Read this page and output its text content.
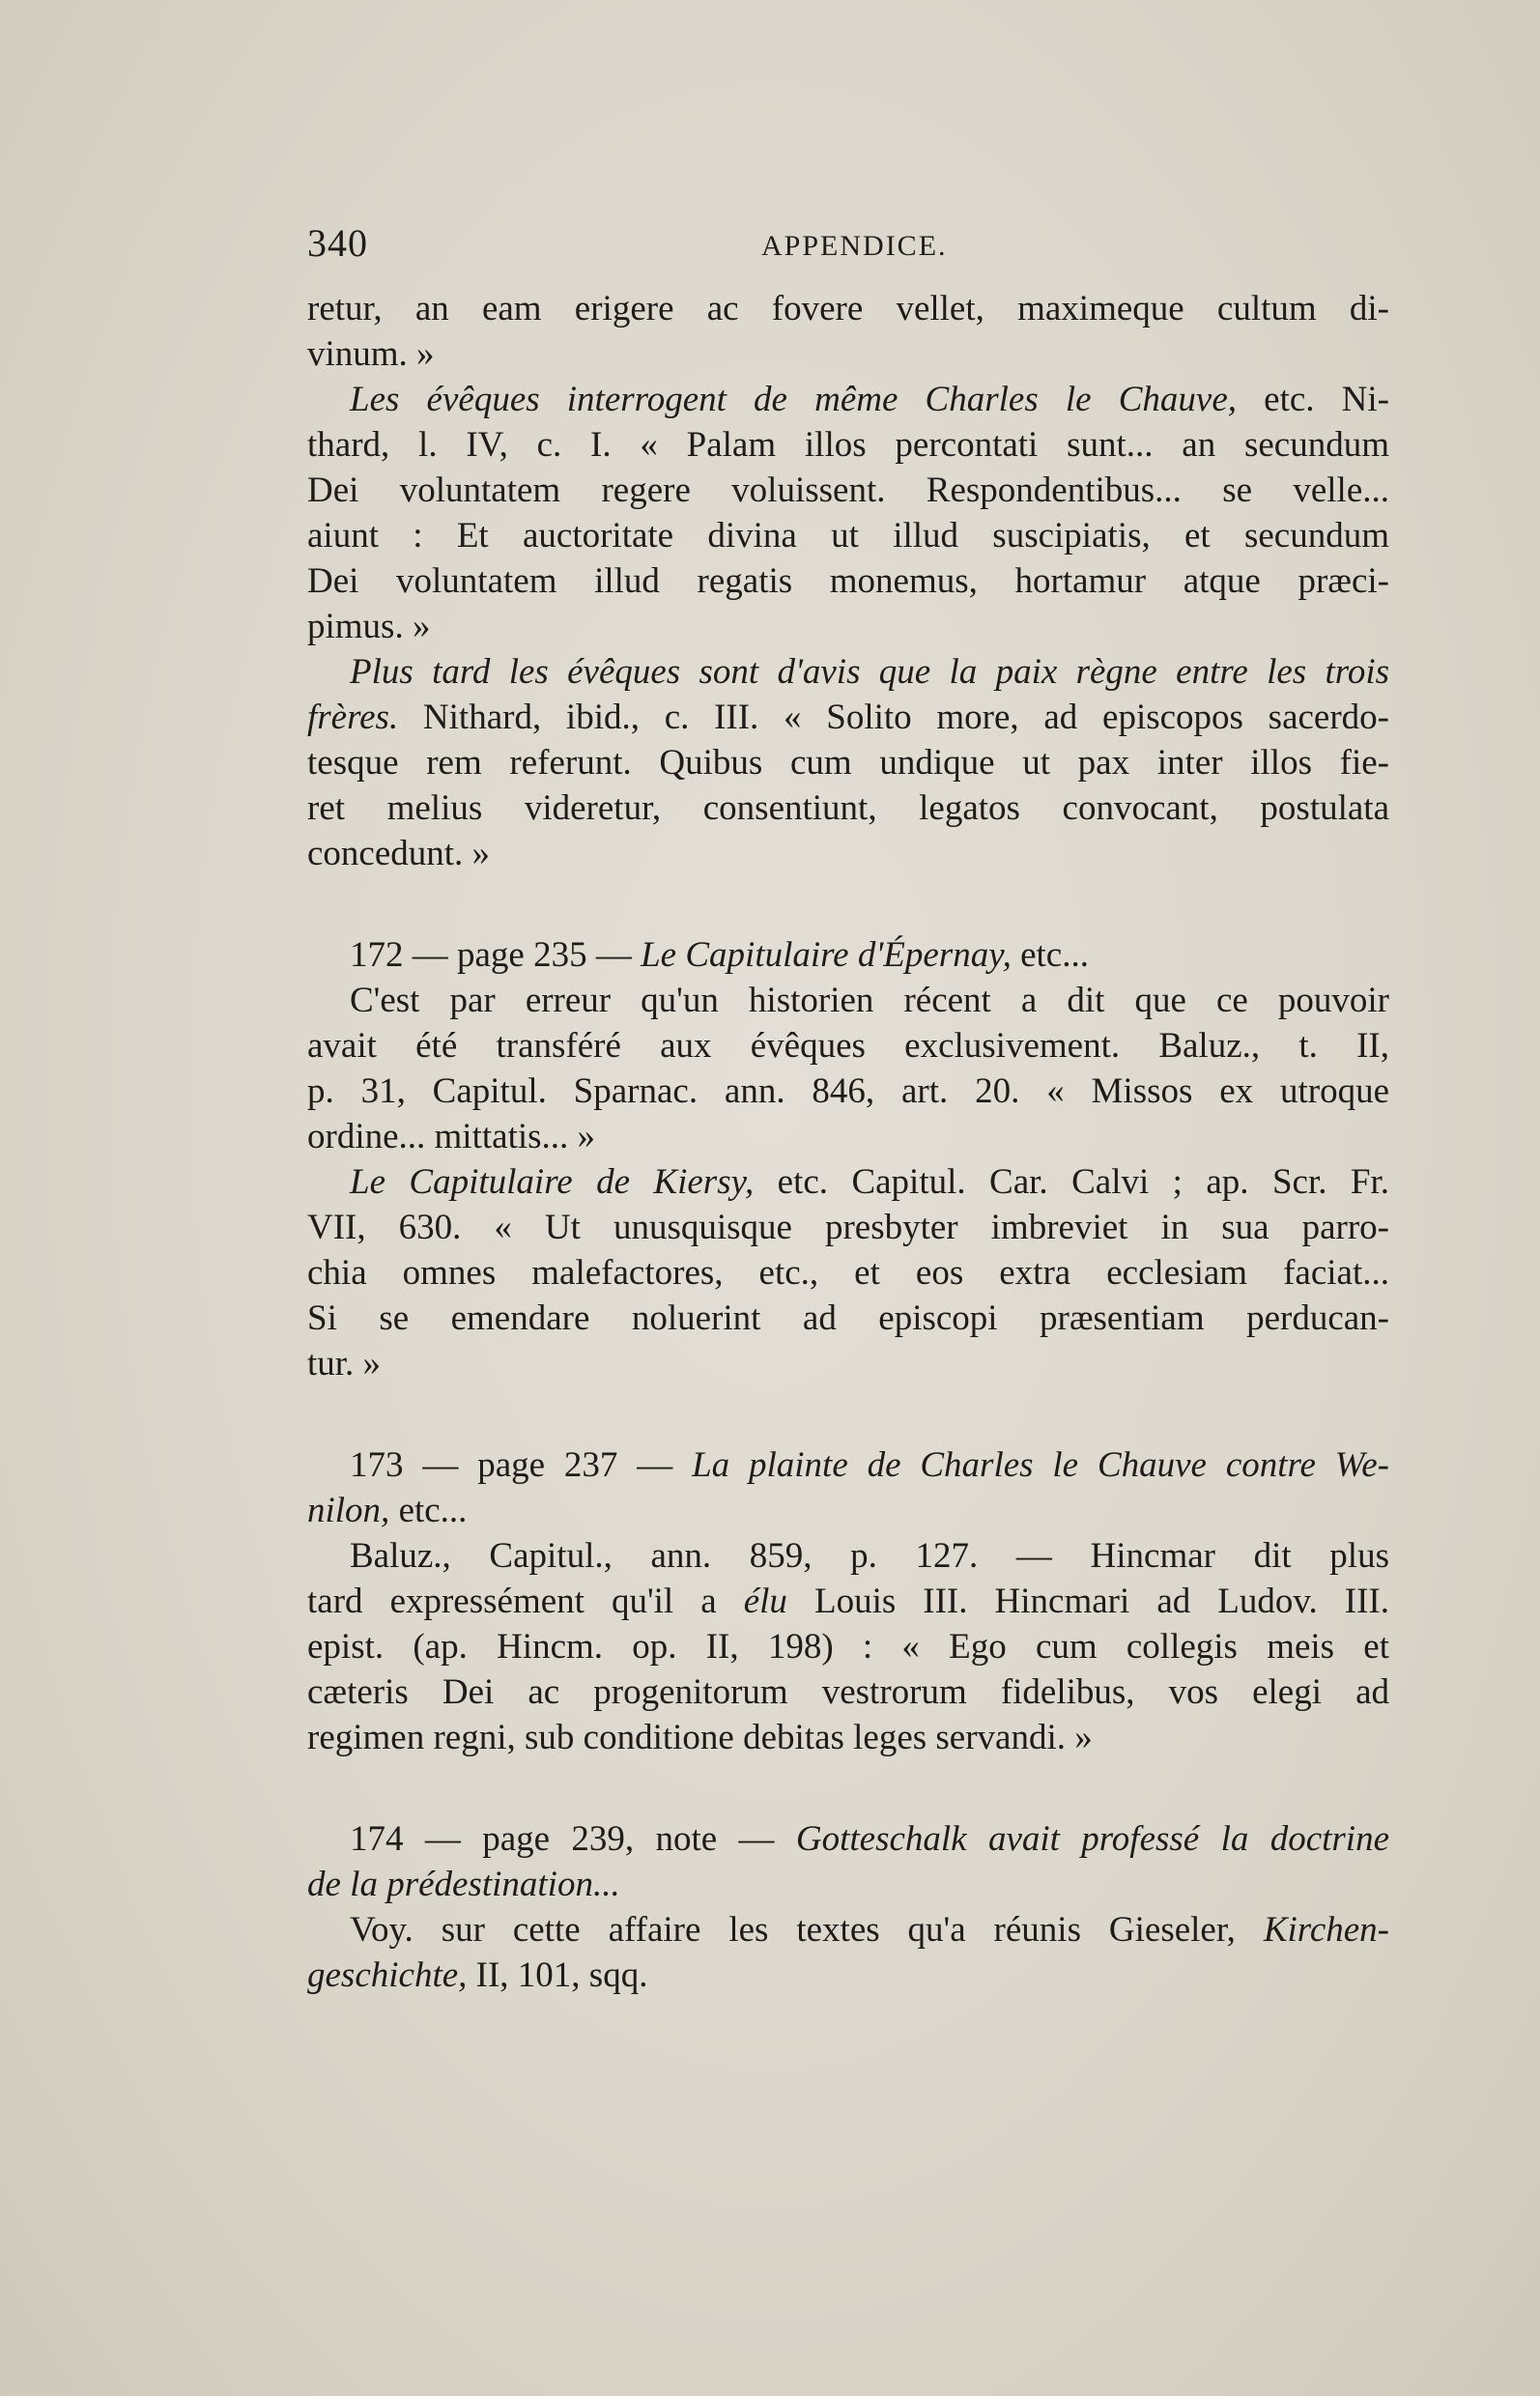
340	APPENDICE.
retur, an eam erigere ac fovere vellet, maximeque cultum di-
vinum. »
Les évêques interrogent de même Charles le Chauve, etc. Ni-
thard, l. IV, c. I. « Palam illos percontati sunt... an secundum
Dei voluntatem regere voluissent. Respondentibus... se velle...
aiunt : Et auctoritate divina ut illud suscipiatis, et secundum
Dei voluntatem illud regatis monemus, hortamur atque præci-
pimus. »
Plus tard les évêques sont d'avis que la paix règne entre les trois
frères. Nithard, ibid., c. III. « Solito more, ad episcopos sacerdo-
tesque rem referunt. Quibus cum undique ut pax inter illos fie-
ret melius videretur, consentiunt, legatos convocant, postulata
concedunt. »
172 — page 235 — Le Capitulaire d'Épernay, etc...
C'est par erreur qu'un historien récent a dit que ce pouvoir
avait été transféré aux évêques exclusivement. Baluz., t. II,
p. 31, Capitul. Sparnac. ann. 846, art. 20. « Missos ex utroque
ordine... mittatis... »
Le Capitulaire de Kiersy, etc. Capitul. Car. Calvi ; ap. Scr. Fr.
VII, 630. « Ut unusquisque presbyter imbreviet in sua parro-
chia omnes malefactores, etc., et eos extra ecclesiam faciat...
Si se emendare noluerint ad episcopi præsentiam perducan-
tur. »
173 — page 237 — La plainte de Charles le Chauve contre We-
nilon, etc...
Baluz., Capitul., ann. 859, p. 127. — Hincmar dit plus
tard expressément qu'il a élu Louis III. Hincmari ad Ludov. III.
epist. (ap. Hincm. op. II, 198) : « Ego cum collegis meis et
cæteris Dei ac progenitorum vestrorum fidelibus, vos elegi ad
regimen regni, sub conditione debitas leges servandi. »
174 — page 239, note — Gotteschalk avait professé la doctrine
de la prédestination...
Voy. sur cette affaire les textes qu'a réunis Gieseler, Kirchen-
geschichte, II, 101, sqq.
